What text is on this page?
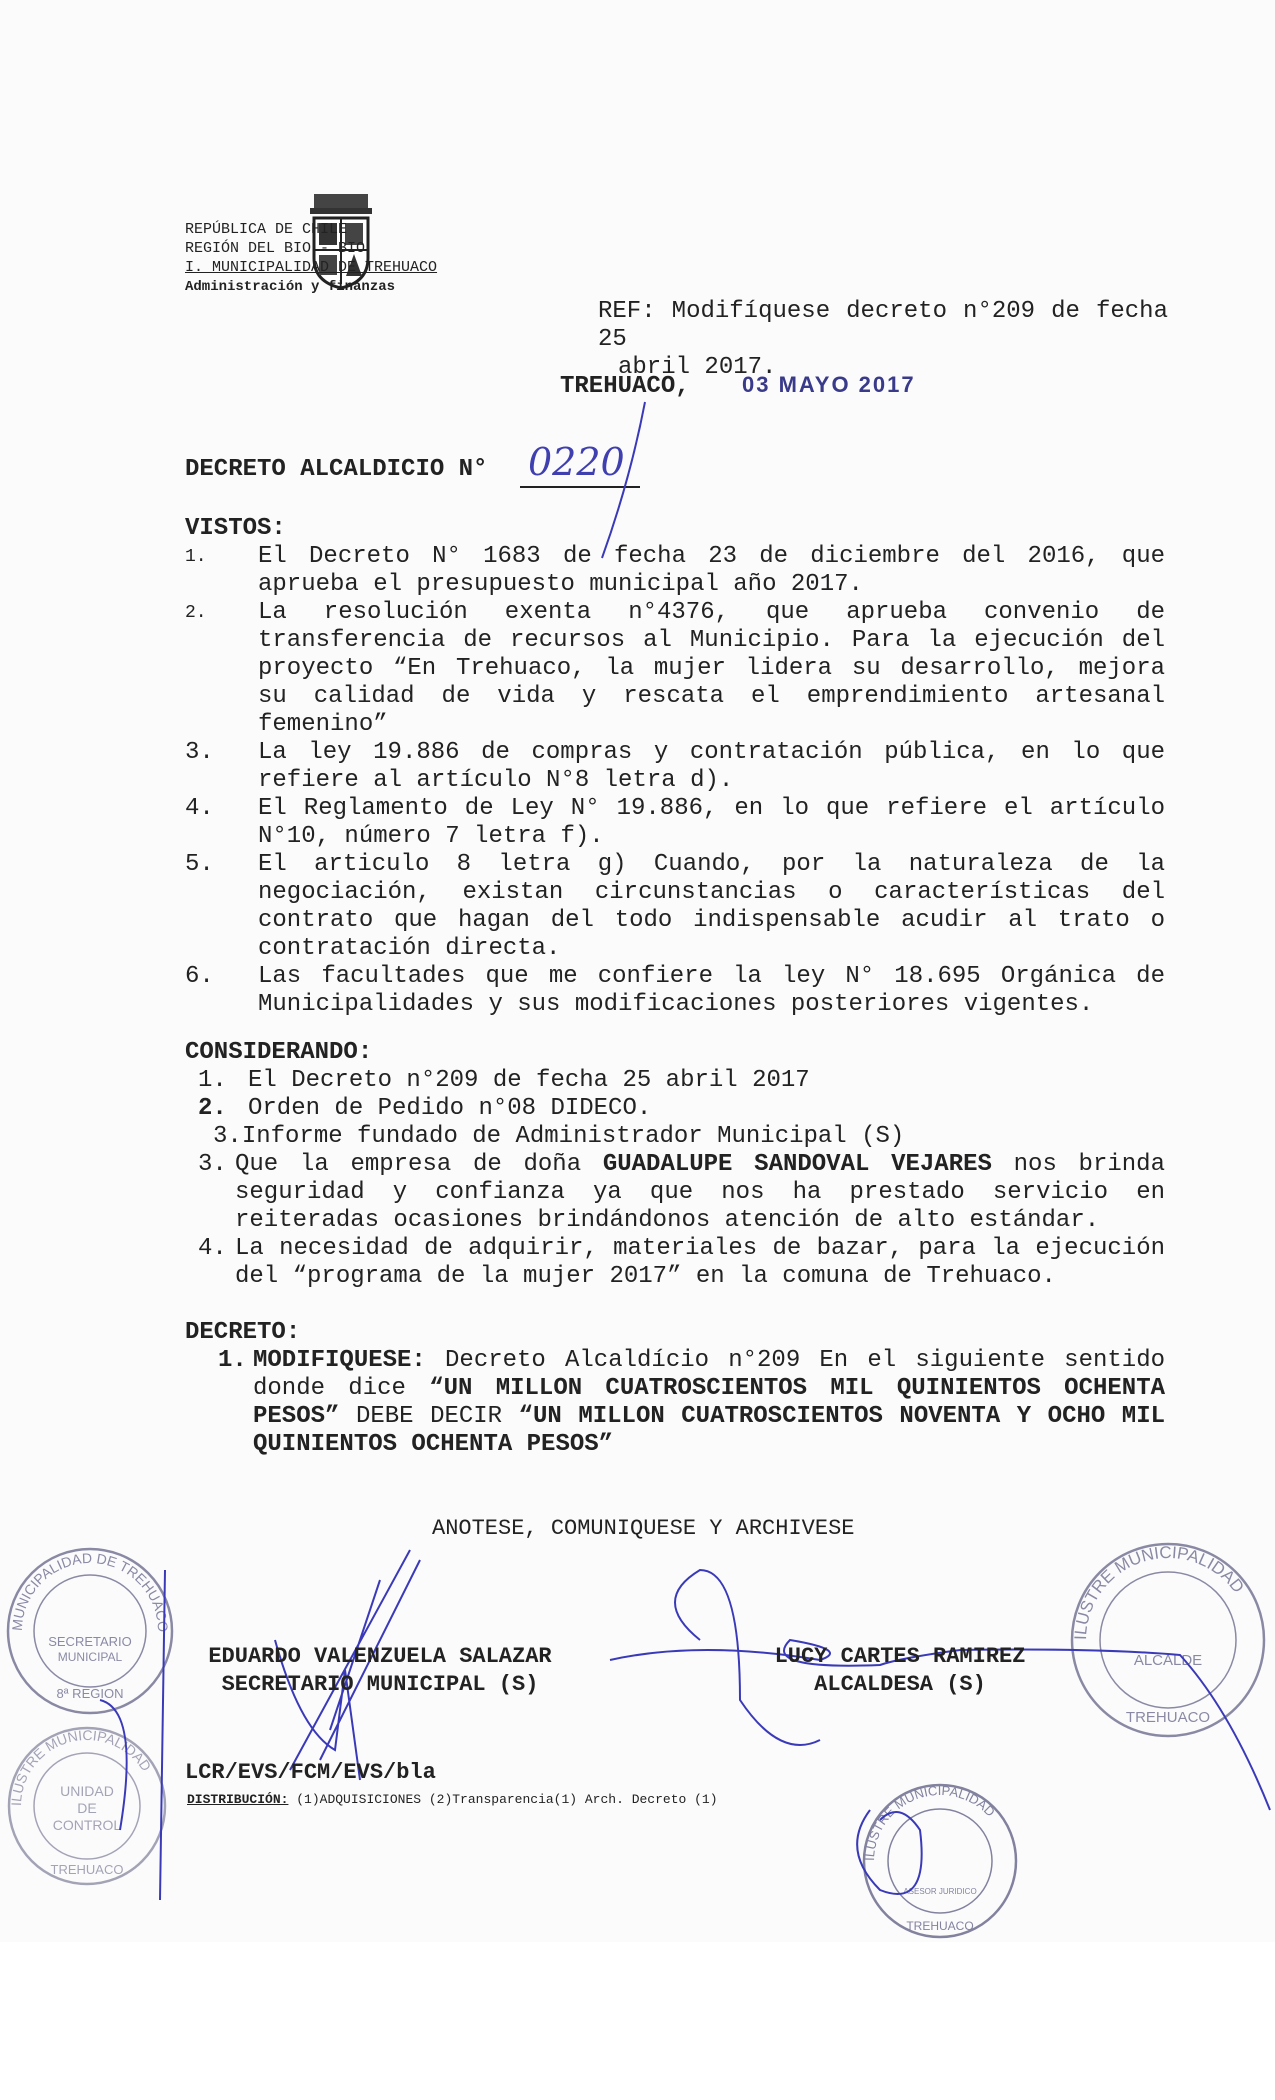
REPÚBLICA DE CHILE
REGIÓN DEL BIO - BIO
I. MUNICIPALIDAD DE TREHUACO
Administración y finanzas
REF: Modifíquese decreto n°209 de fecha 25
abril 2017.
TREHUACO, 03 MAYO 2017
DECRETO ALCALDICIO N° 0220
MUNICIPALIDAD DE TREHUACO
SECRETARIO
MUNICIPAL
8ª REGION
ILUSTRE MUNICIPALIDAD
ALCALDE
TREHUACO
ILUSTRE MUNICIPALIDAD
UNIDAD
DE
CONTROL
TREHUACO
ILUSTRE MUNICIPALIDAD
ASESOR JURIDICO
TREHUACO
VISTOS:
1.	El Decreto N° 1683 de fecha 23 de diciembre del 2016, que aprueba el presupuesto municipal año 2017.
2.	La resolución exenta n°4376, que aprueba convenio de transferencia de recursos al Municipio. Para la ejecución del proyecto “En Trehuaco, la mujer lidera su desarrollo, mejora su calidad de vida y rescata el emprendimiento artesanal femenino”
3.	La ley 19.886 de compras y contratación pública, en lo que refiere al artículo N°8 letra d).
4.	El Reglamento de Ley N° 19.886, en lo que refiere el artículo N°10, número 7 letra f).
5.	El articulo 8 letra g) Cuando, por la naturaleza de la negociación, existan circunstancias o características del contrato que hagan del todo indispensable acudir al trato o contratación directa.
6.	Las facultades que me confiere la ley N° 18.695 Orgánica de Municipalidades y sus modificaciones posteriores vigentes.
CONSIDERANDO:
1. El Decreto n°209 de fecha 25 abril 2017
2. Orden de Pedido n°08 DIDECO.
3. Informe fundado de Administrador Municipal (S)
3. Que la empresa de doña GUADALUPE SANDOVAL VEJARES nos brinda seguridad y confianza ya que nos ha prestado servicio en reiteradas ocasiones brindándonos atención de alto estándar.
4. La necesidad de adquirir, materiales de bazar, para la ejecución del “programa de la mujer 2017” en la comuna de Trehuaco.
DECRETO:
1. MODIFIQUESE: Decreto Alcaldício n°209 En el siguiente sentido donde dice “UN MILLON CUATROSCIENTOS MIL QUINIENTOS OCHENTA PESOS” DEBE DECIR “UN MILLON CUATROSCIENTOS NOVENTA Y OCHO MIL QUINIENTOS OCHENTA PESOS”
ANOTESE, COMUNIQUESE Y ARCHIVESE
EDUARDO VALENZUELA SALAZAR
SECRETARIO MUNICIPAL (S)
LUCY CARTES RAMIREZ
ALCALDESA (S)
LCR/EVS/FCM/EVS/bla
DISTRIBUCIÓN: (1)ADQUISICIONES (2)Transparencia(1) Arch. Decreto (1)
